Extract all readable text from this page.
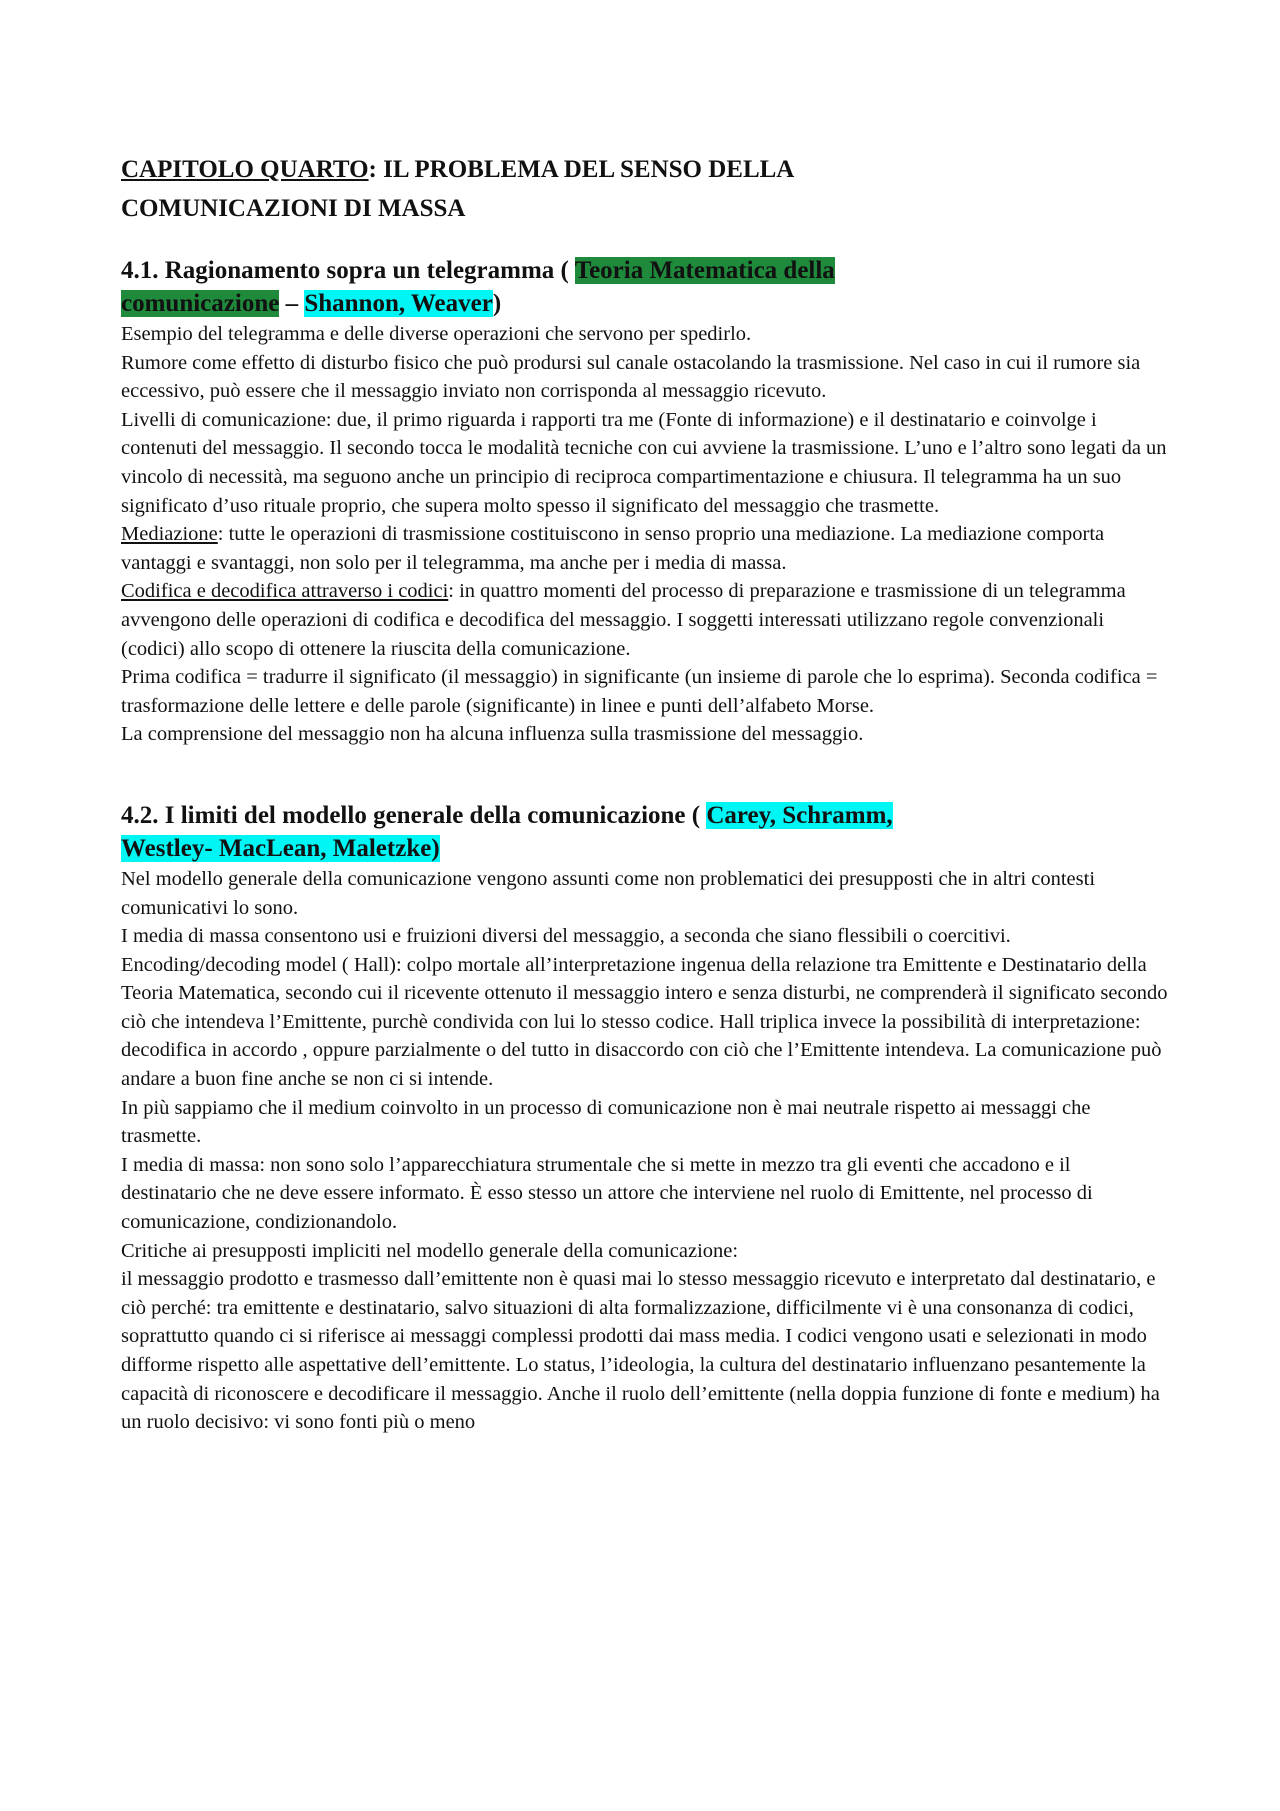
CAPITOLO QUARTO: IL PROBLEMA DEL SENSO DELLA
COMUNICAZIONI DI MASSA
4.1. Ragionamento sopra un telegramma ( Teoria Matematica della
comunicazione – Shannon, Weaver)

Esempio del telegramma e delle diverse operazioni che servono per spedirlo.

Rumore come effetto di disturbo fisico che può prodursi sul canale ostacolando la trasmissione. Nel caso in cui il rumore sia eccessivo, può essere che il messaggio inviato non corrisponda al messaggio ricevuto.

Livelli di comunicazione: due, il primo riguarda i rapporti tra me (Fonte di informazione) e il destinatario e coinvolge i contenuti del messaggio. Il secondo tocca le modalità tecniche con cui avviene la trasmissione. L’uno e l’altro sono legati da un vincolo di necessità, ma seguono anche un principio di reciproca compartimentazione e chiusura. Il telegramma ha un suo significato d’uso rituale proprio, che supera molto spesso il significato del messaggio che trasmette.

Mediazione: tutte le operazioni di trasmissione costituiscono in senso proprio una mediazione. La mediazione comporta vantaggi e svantaggi, non solo per il telegramma, ma anche per i media di massa.

Codifica e decodifica attraverso i codici: in quattro momenti del processo di preparazione e trasmissione di un telegramma avvengono delle operazioni di codifica e decodifica del messaggio. I soggetti interessati utilizzano regole convenzionali (codici) allo scopo di ottenere la riuscita della comunicazione.

Prima codifica = tradurre il significato (il messaggio) in significante (un insieme di parole che lo esprima). Seconda codifica = trasformazione delle lettere e delle parole (significante) in linee e punti dell’alfabeto Morse.

La comprensione del messaggio non ha alcuna influenza sulla trasmissione del messaggio.

4.2. I limiti del modello generale della comunicazione ( Carey, Schramm,
Westley- MacLean, Maletzke)

Nel modello generale della comunicazione vengono assunti come non problematici dei presupposti che in altri contesti comunicativi lo sono.

I media di massa consentono usi e fruizioni diversi del messaggio, a seconda che siano flessibili o coercitivi.

Encoding/decoding model ( Hall): colpo mortale all’interpretazione ingenua della relazione tra Emittente e Destinatario della Teoria Matematica, secondo cui il ricevente ottenuto il messaggio intero e senza disturbi, ne comprenderà il significato secondo ciò che intendeva l’Emittente, purchè condivida con lui lo stesso codice. Hall triplica invece la possibilità di interpretazione: decodifica in accordo , oppure parzialmente o del tutto in disaccordo con ciò che l’Emittente intendeva. La comunicazione può andare a buon fine anche se non ci si intende.

In più sappiamo che il medium coinvolto in un processo di comunicazione non è mai neutrale rispetto ai messaggi che trasmette.

I media di massa: non sono solo l’apparecchiatura strumentale che si mette in mezzo tra gli eventi che accadono e il destinatario che ne deve essere informato. È esso stesso un attore che interviene nel ruolo di Emittente, nel processo di comunicazione, condizionandolo.

Critiche ai presupposti impliciti nel modello generale della comunicazione:

il messaggio prodotto e trasmesso dall’emittente non è quasi mai lo stesso messaggio ricevuto e interpretato dal destinatario, e ciò perché: tra emittente e destinatario, salvo situazioni di alta formalizzazione, difficilmente vi è una consonanza di codici, soprattutto quando ci si riferisce ai messaggi complessi prodotti dai mass media. I codici vengono usati e selezionati in modo difforme rispetto alle aspettative dell’emittente. Lo status, l’ideologia, la cultura del destinatario influenzano pesantemente la capacità di riconoscere e decodificare il messaggio. Anche il ruolo dell’emittente (nella doppia funzione di fonte e medium) ha un ruolo decisivo: vi sono fonti più o meno
